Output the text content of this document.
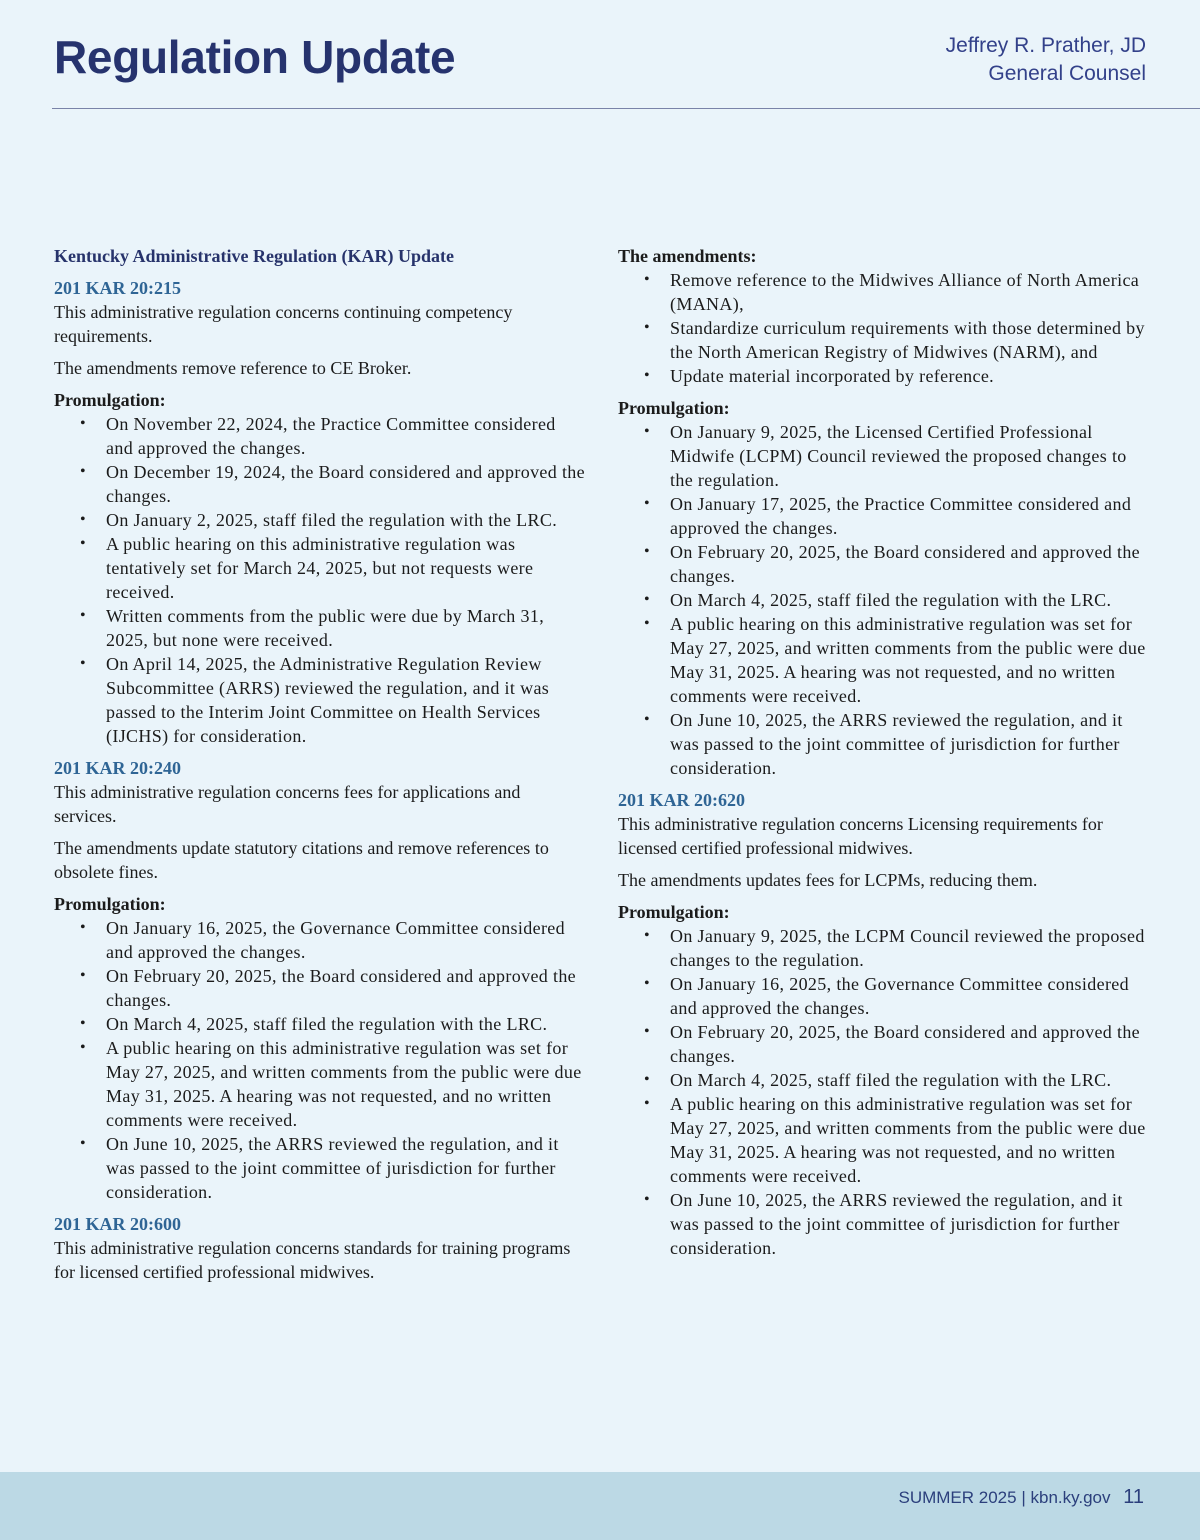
Regulation Update	Jeffrey R. Prather, JD
General Counsel
Kentucky Administrative Regulation (KAR) Update
201 KAR 20:215

This administrative regulation concerns continuing competency requirements.

The amendments remove reference to CE Broker.

Promulgation:
• On November 22, 2024, the Practice Committee considered and approved the changes.
• On December 19, 2024, the Board considered and approved the changes.
• On January 2, 2025, staff filed the regulation with the LRC.
• A public hearing on this administrative regulation was tentatively set for March 24, 2025, but not requests were received.
• Written comments from the public were due by March 31, 2025, but none were received.
• On April 14, 2025, the Administrative Regulation Review Subcommittee (ARRS) reviewed the regulation, and it was passed to the Interim Joint Committee on Health Services (IJCHS) for consideration.
201 KAR 20:240

This administrative regulation concerns fees for applications and services.

The amendments update statutory citations and remove references to obsolete fines.

Promulgation:
• On January 16, 2025, the Governance Committee considered and approved the changes.
• On February 20, 2025, the Board considered and approved the changes.
• On March 4, 2025, staff filed the regulation with the LRC.
• A public hearing on this administrative regulation was set for May 27, 2025, and written comments from the public were due May 31, 2025. A hearing was not requested, and no written comments were received.
• On June 10, 2025, the ARRS reviewed the regulation, and it was passed to the joint committee of jurisdiction for further consideration.
201 KAR 20:600

This administrative regulation concerns standards for training programs for licensed certified professional midwives.

The amendments:
• Remove reference to the Midwives Alliance of North America (MANA),
• Standardize curriculum requirements with those determined by the North American Registry of Midwives (NARM), and
• Update material incorporated by reference.
Promulgation:
• On January 9, 2025, the Licensed Certified Professional Midwife (LCPM) Council reviewed the proposed changes to the regulation.
• On January 17, 2025, the Practice Committee considered and approved the changes.
• On February 20, 2025, the Board considered and approved the changes.
• On March 4, 2025, staff filed the regulation with the LRC.
• A public hearing on this administrative regulation was set for May 27, 2025, and written comments from the public were due May 31, 2025. A hearing was not requested, and no written comments were received.
• On June 10, 2025, the ARRS reviewed the regulation, and it was passed to the joint committee of jurisdiction for further consideration.
201 KAR 20:620

This administrative regulation concerns Licensing requirements for licensed certified professional midwives.

The amendments updates fees for LCPMs, reducing them.

Promulgation:
• On January 9, 2025, the LCPM Council reviewed the proposed changes to the regulation.
• On January 16, 2025, the Governance Committee considered and approved the changes.
• On February 20, 2025, the Board considered and approved the changes.
• On March 4, 2025, staff filed the regulation with the LRC.
• A public hearing on this administrative regulation was set for May 27, 2025, and written comments from the public were due May 31, 2025. A hearing was not requested, and no written comments were received.
• On June 10, 2025, the ARRS reviewed the regulation, and it was passed to the joint committee of jurisdiction for further consideration.
SUMMER 2025 | kbn.ky.gov 11
